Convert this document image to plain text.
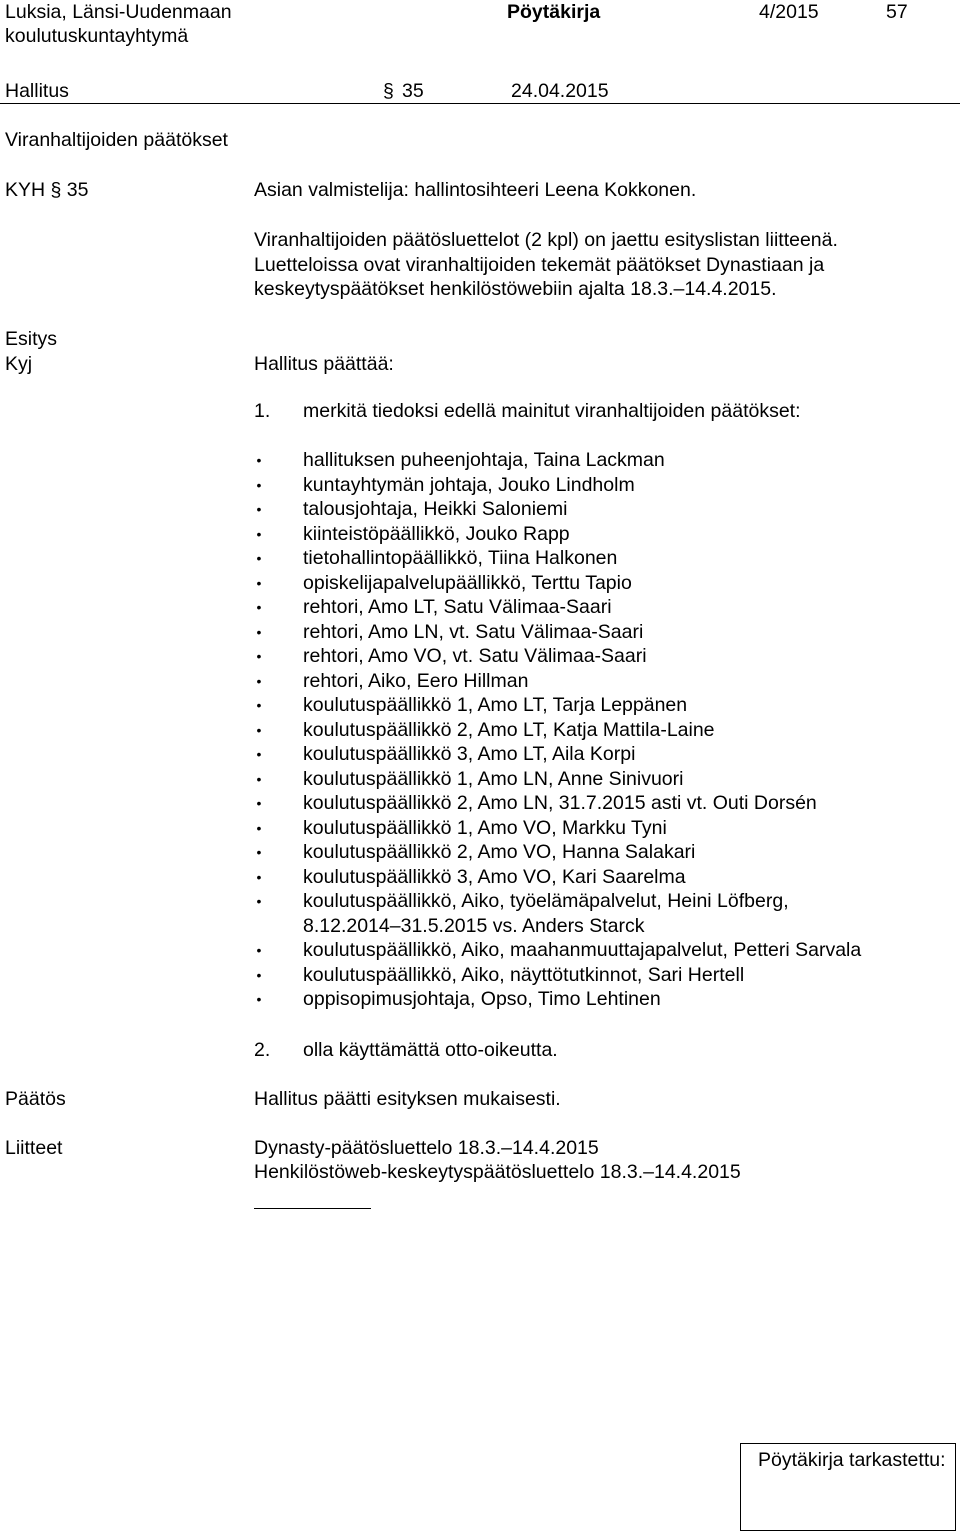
Luksia, Länsi-Uudenmaan
koulutuskuntayhtymä
Pöytäkirja	4/2015	57
Hallitus	§ 35	24.04.2015
Viranhaltijoiden päätökset
KYH § 35	Asian valmistelija: hallintosihteeri Leena Kokkonen.
Viranhaltijoiden päätösluettelot (2 kpl) on jaettu esityslistan liitteenä.
Luetteloissa ovat viranhaltijoiden tekemät päätökset Dynastiaan ja
keskeytyspäätökset henkilöstöwebiin ajalta 18.3.–14.4.2015.
Esitys
Kyj	Hallitus päättää:
1. merkitä tiedoksi edellä mainitut viranhaltijoiden päätökset:
• hallituksen puheenjohtaja, Taina Lackman
• kuntayhtymän johtaja, Jouko Lindholm
• talousjohtaja, Heikki Saloniemi
• kiinteistöpäällikkö, Jouko Rapp
• tietohallintopäällikkö, Tiina Halkonen
• opiskelijapalvelupäällikkö, Terttu Tapio
• rehtori, Amo LT, Satu Välimaa-Saari
• rehtori, Amo LN, vt. Satu Välimaa-Saari
• rehtori, Amo VO, vt. Satu Välimaa-Saari
• rehtori, Aiko, Eero Hillman
• koulutuspäällikkö 1, Amo LT, Tarja Leppänen
• koulutuspäällikkö 2, Amo LT, Katja Mattila-Laine
• koulutuspäällikkö 3, Amo LT, Aila Korpi
• koulutuspäällikkö 1, Amo LN, Anne Sinivuori
• koulutuspäällikkö 2, Amo LN, 31.7.2015 asti vt. Outi Dorsén
• koulutuspäällikkö 1, Amo VO, Markku Tyni
• koulutuspäällikkö 2, Amo VO, Hanna Salakari
• koulutuspäällikkö 3, Amo VO, Kari Saarelma
• koulutuspäällikkö, Aiko, työelämäpalvelut, Heini Löfberg,
8.12.2014–31.5.2015 vs. Anders Starck
• koulutuspäällikkö, Aiko, maahanmuuttajapalvelut, Petteri Sarvala
• koulutuspäällikkö, Aiko, näyttötutkinnot, Sari Hertell
• oppisopimusjohtaja, Opso, Timo Lehtinen
2. olla käyttämättä otto-oikeutta.
Päätös	Hallitus päätti esityksen mukaisesti.
Liitteet	Dynasty-päätösluettelo 18.3.–14.4.2015
Henkilöstöweb-keskeytyspäätösluettelo 18.3.–14.4.2015
Pöytäkirja tarkastettu:
